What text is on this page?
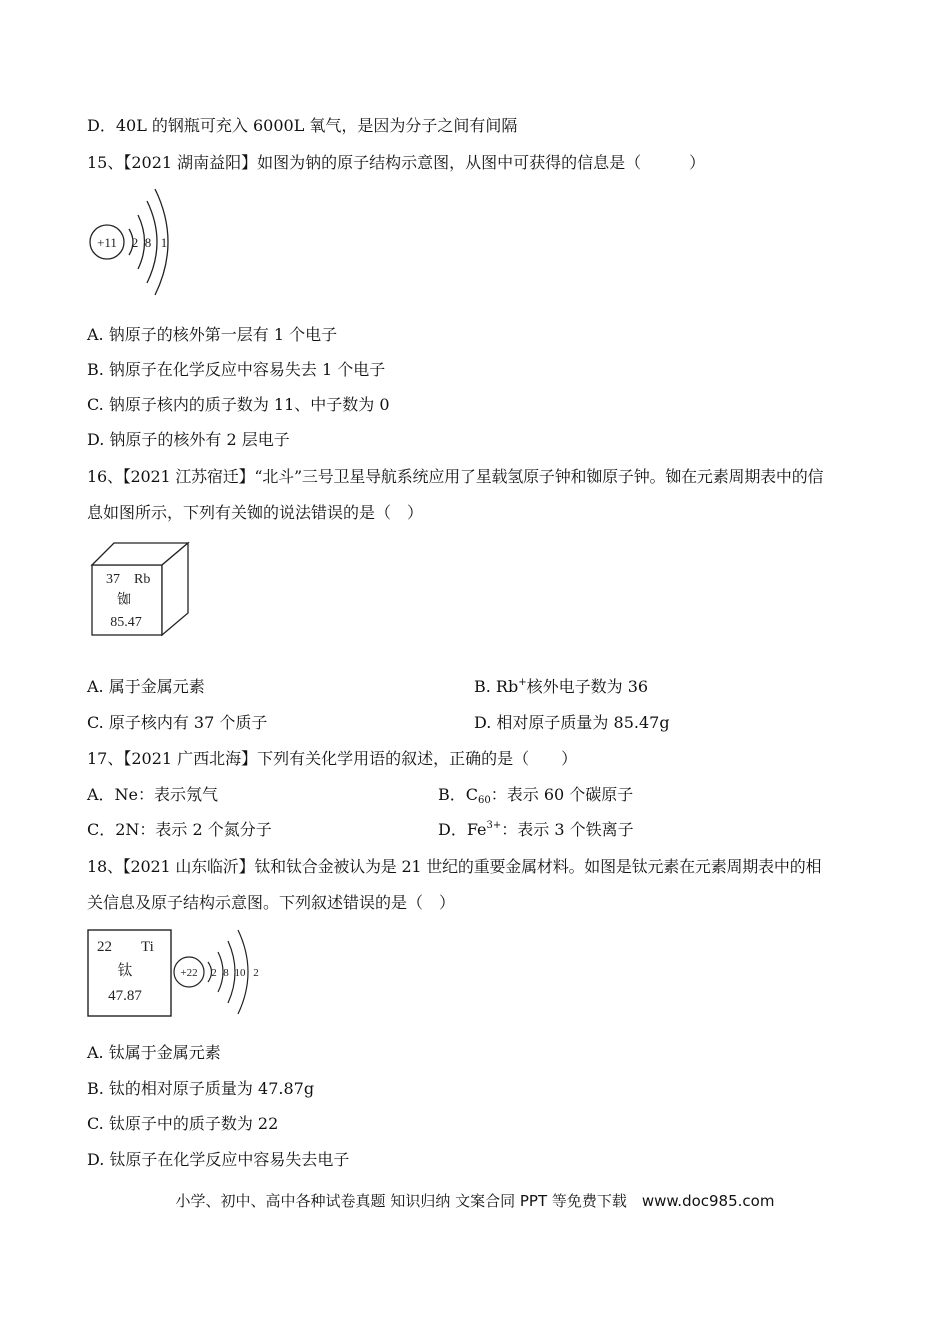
D．40L 的钢瓶可充入 6000L 氧气，是因为分子之间有间隔
15、【2021 湖南益阳】如图为钠的原子结构示意图，从图中可获得的信息是（　　　）
+11 2 8 1
A. 钠原子的核外第一层有 1 个电子
B. 钠原子在化学反应中容易失去 1 个电子
C. 钠原子核内的质子数为 11、中子数为 0
D. 钠原子的核外有 2 层电子
16、【2021 江苏宿迁】“北斗”三号卫星导航系统应用了星载氢原子钟和铷原子钟。铷在元素周期表中的信
息如图所示，下列有关铷的说法错误的是（　）
37 Rb
铷
85.47
A. 属于金属元素	B. Rb+核外电子数为 36
C. 原子核内有 37 个质子	D. 相对原子质量为 85.47g
17、【2021 广西北海】下列有关化学用语的叙述，正确的是（　　）
A．Ne：表示氖气	B．$C_{60}$：表示 60 个碳原子
C．2N：表示 2 个氮分子	D．$Fe^{3+}$：表示 3 个铁离子
18、【2021 山东临沂】钛和钛合金被认为是 21 世纪的重要金属材料。如图是钛元素在元素周期表中的相
关信息及原子结构示意图。下列叙述错误的是（　）
22 Ti
钛
47.87
+22 2 8 10 2
A. 钛属于金属元素
B. 钛的相对原子质量为 47.87g
C. 钛原子中的质子数为 22
D. 钛原子在化学反应中容易失去电子
小学、初中、高中各种试卷真题 知识归纳 文案合同 PPT 等免费下载　www.doc985.com
